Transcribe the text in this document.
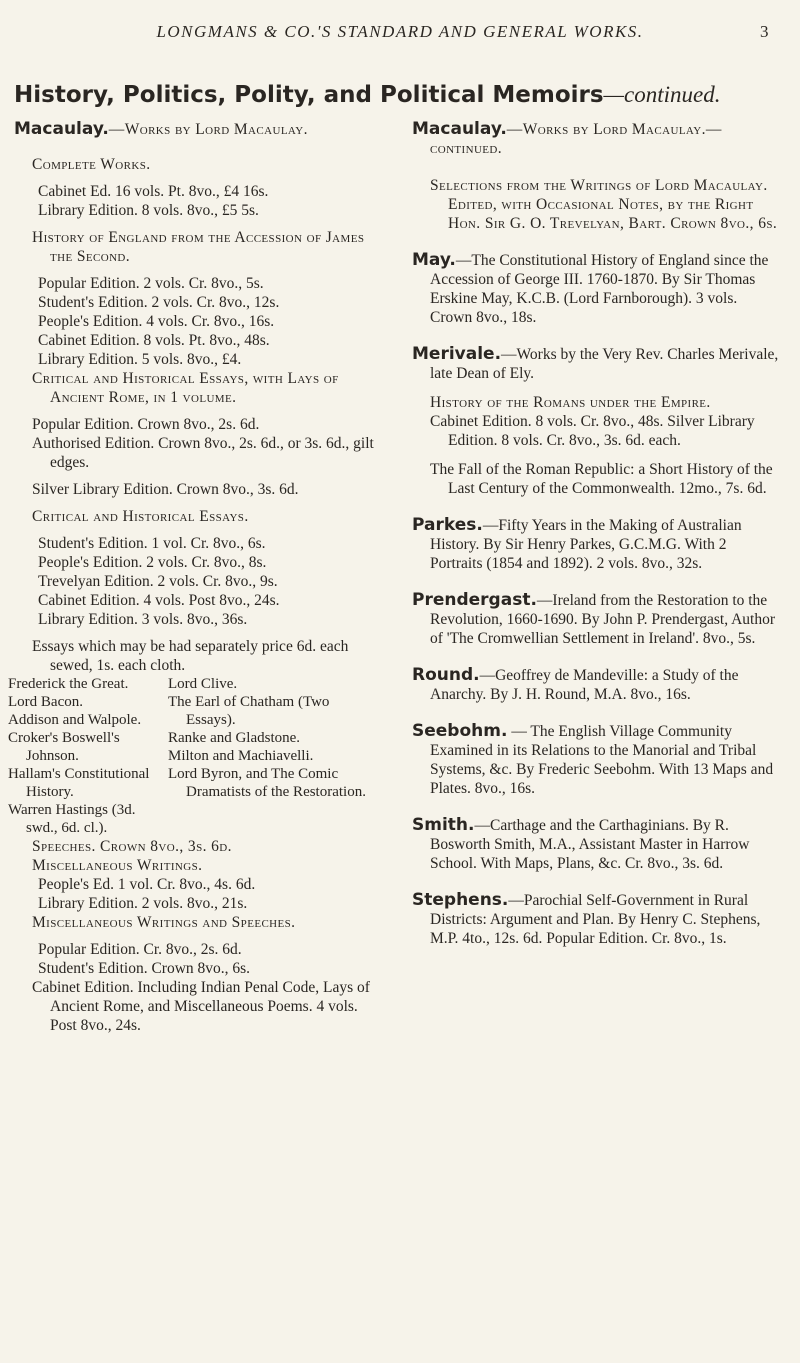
LONGMANS & CO.'S STANDARD AND GENERAL WORKS.	3
History, Politics, Polity, and Political Memoirs—continued.

Macaulay.—Works by Lord Macaulay.

Complete Works.

Cabinet Ed. 16 vols. Pt. 8vo., £4 16s.

Library Edition. 8 vols. 8vo., £5 5s.

History of England from the Accession of James the Second.

Popular Edition. 2 vols. Cr. 8vo., 5s.

Student's Edition. 2 vols. Cr. 8vo., 12s.

People's Edition. 4 vols. Cr. 8vo., 16s.

Cabinet Edition. 8 vols. Pt. 8vo., 48s.

Library Edition. 5 vols. 8vo., £4.

Critical and Historical Essays, with Lays of Ancient Rome, in 1 volume.

Popular Edition. Crown 8vo., 2s. 6d.

Authorised Edition. Crown 8vo., 2s. 6d., or 3s. 6d., gilt edges.

Silver Library Edition. Crown 8vo., 3s. 6d.

Critical and Historical Essays.

Student's Edition. 1 vol. Cr. 8vo., 6s.

People's Edition. 2 vols. Cr. 8vo., 8s.

Trevelyan Edition. 2 vols. Cr. 8vo., 9s.

Cabinet Edition. 4 vols. Post 8vo., 24s.

Library Edition. 3 vols. 8vo., 36s.

Essays which may be had separately price 6d. each sewed, 1s. each cloth.

Frederick the Great.
Lord Bacon.
Addison and Walpole.
Croker's Boswell's Johnson.
Hallam's Constitutional History.
Warren Hastings (3d. swd., 6d. cl.).
Lord Clive.
The Earl of Chatham (Two Essays).
Ranke and Gladstone.
Milton and Machiavelli.
Lord Byron, and The Comic Dramatists of the Restoration.

Speeches. Crown 8vo., 3s. 6d.

Miscellaneous Writings.

People's Ed. 1 vol. Cr. 8vo., 4s. 6d.

Library Edition. 2 vols. 8vo., 21s.

Miscellaneous Writings and Speeches.

Popular Edition. Cr. 8vo., 2s. 6d.

Student's Edition. Crown 8vo., 6s.

Cabinet Edition. Including Indian Penal Code, Lays of Ancient Rome, and Miscellaneous Poems. 4 vols. Post 8vo., 24s.

Macaulay.—Works by Lord Macaulay.—continued.
Selections from the Writings of Lord Macaulay. Edited, with Occasional Notes, by the Right Hon. Sir G. O. Trevelyan, Bart. Crown 8vo., 6s.
May.—The Constitutional History of England since the Accession of George III. 1760-1870. By Sir Thomas Erskine May, K.C.B. (Lord Farnborough). 3 vols. Crown 8vo., 18s.
Merivale.—Works by the Very Rev. Charles Merivale, late Dean of Ely.
History of the Romans under the Empire.
Cabinet Edition. 8 vols. Cr. 8vo., 48s. Silver Library Edition. 8 vols. Cr. 8vo., 3s. 6d. each.
The Fall of the Roman Republic: a Short History of the Last Century of the Commonwealth. 12mo., 7s. 6d.
Parkes.—Fifty Years in the Making of Australian History. By Sir Henry Parkes, G.C.M.G. With 2 Portraits (1854 and 1892). 2 vols. 8vo., 32s.
Prendergast.—Ireland from the Restoration to the Revolution, 1660-1690. By John P. Prendergast, Author of 'The Cromwellian Settlement in Ireland'. 8vo., 5s.
Round.—Geoffrey de Mandeville: a Study of the Anarchy. By J. H. Round, M.A. 8vo., 16s.
Seebohm. — The English Village Community Examined in its Relations to the Manorial and Tribal Systems, &c. By Frederic Seebohm. With 13 Maps and Plates. 8vo., 16s.
Smith.—Carthage and the Carthaginians. By R. Bosworth Smith, M.A., Assistant Master in Harrow School. With Maps, Plans, &c. Cr. 8vo., 3s. 6d.
Stephens.—Parochial Self-Government in Rural Districts: Argument and Plan. By Henry C. Stephens, M.P. 4to., 12s. 6d. Popular Edition. Cr. 8vo., 1s.
